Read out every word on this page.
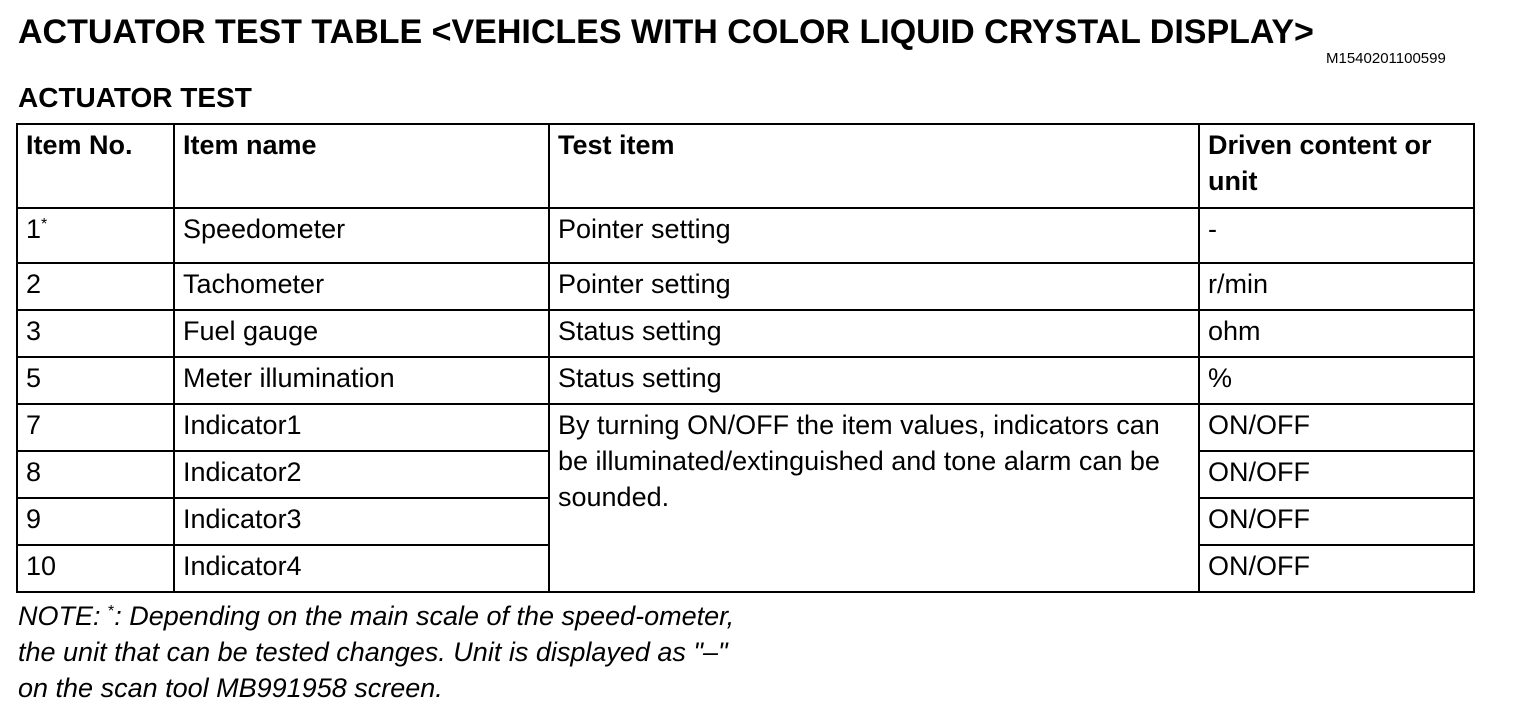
ACTUATOR TEST TABLE <VEHICLES WITH COLOR LIQUID CRYSTAL DISPLAY>
M1540201100599
ACTUATOR TEST
Item No.	Item name	Test item	Driven content or unit
1*	Speedometer	Pointer setting	-
2	Tachometer	Pointer setting	r/min
3	Fuel gauge	Status setting	ohm
5	Meter illumination	Status setting	%
7	Indicator1	By turning ON/OFF the item values, indicators can be illuminated/extinguished and tone alarm can be sounded.	ON/OFF
8	Indicator2		ON/OFF
9	Indicator3		ON/OFF
10	Indicator4		ON/OFF
NOTE: *: Depending on the main scale of the speed-ometer, the unit that can be tested changes. Unit is displayed as "–" on the scan tool MB991958 screen.
